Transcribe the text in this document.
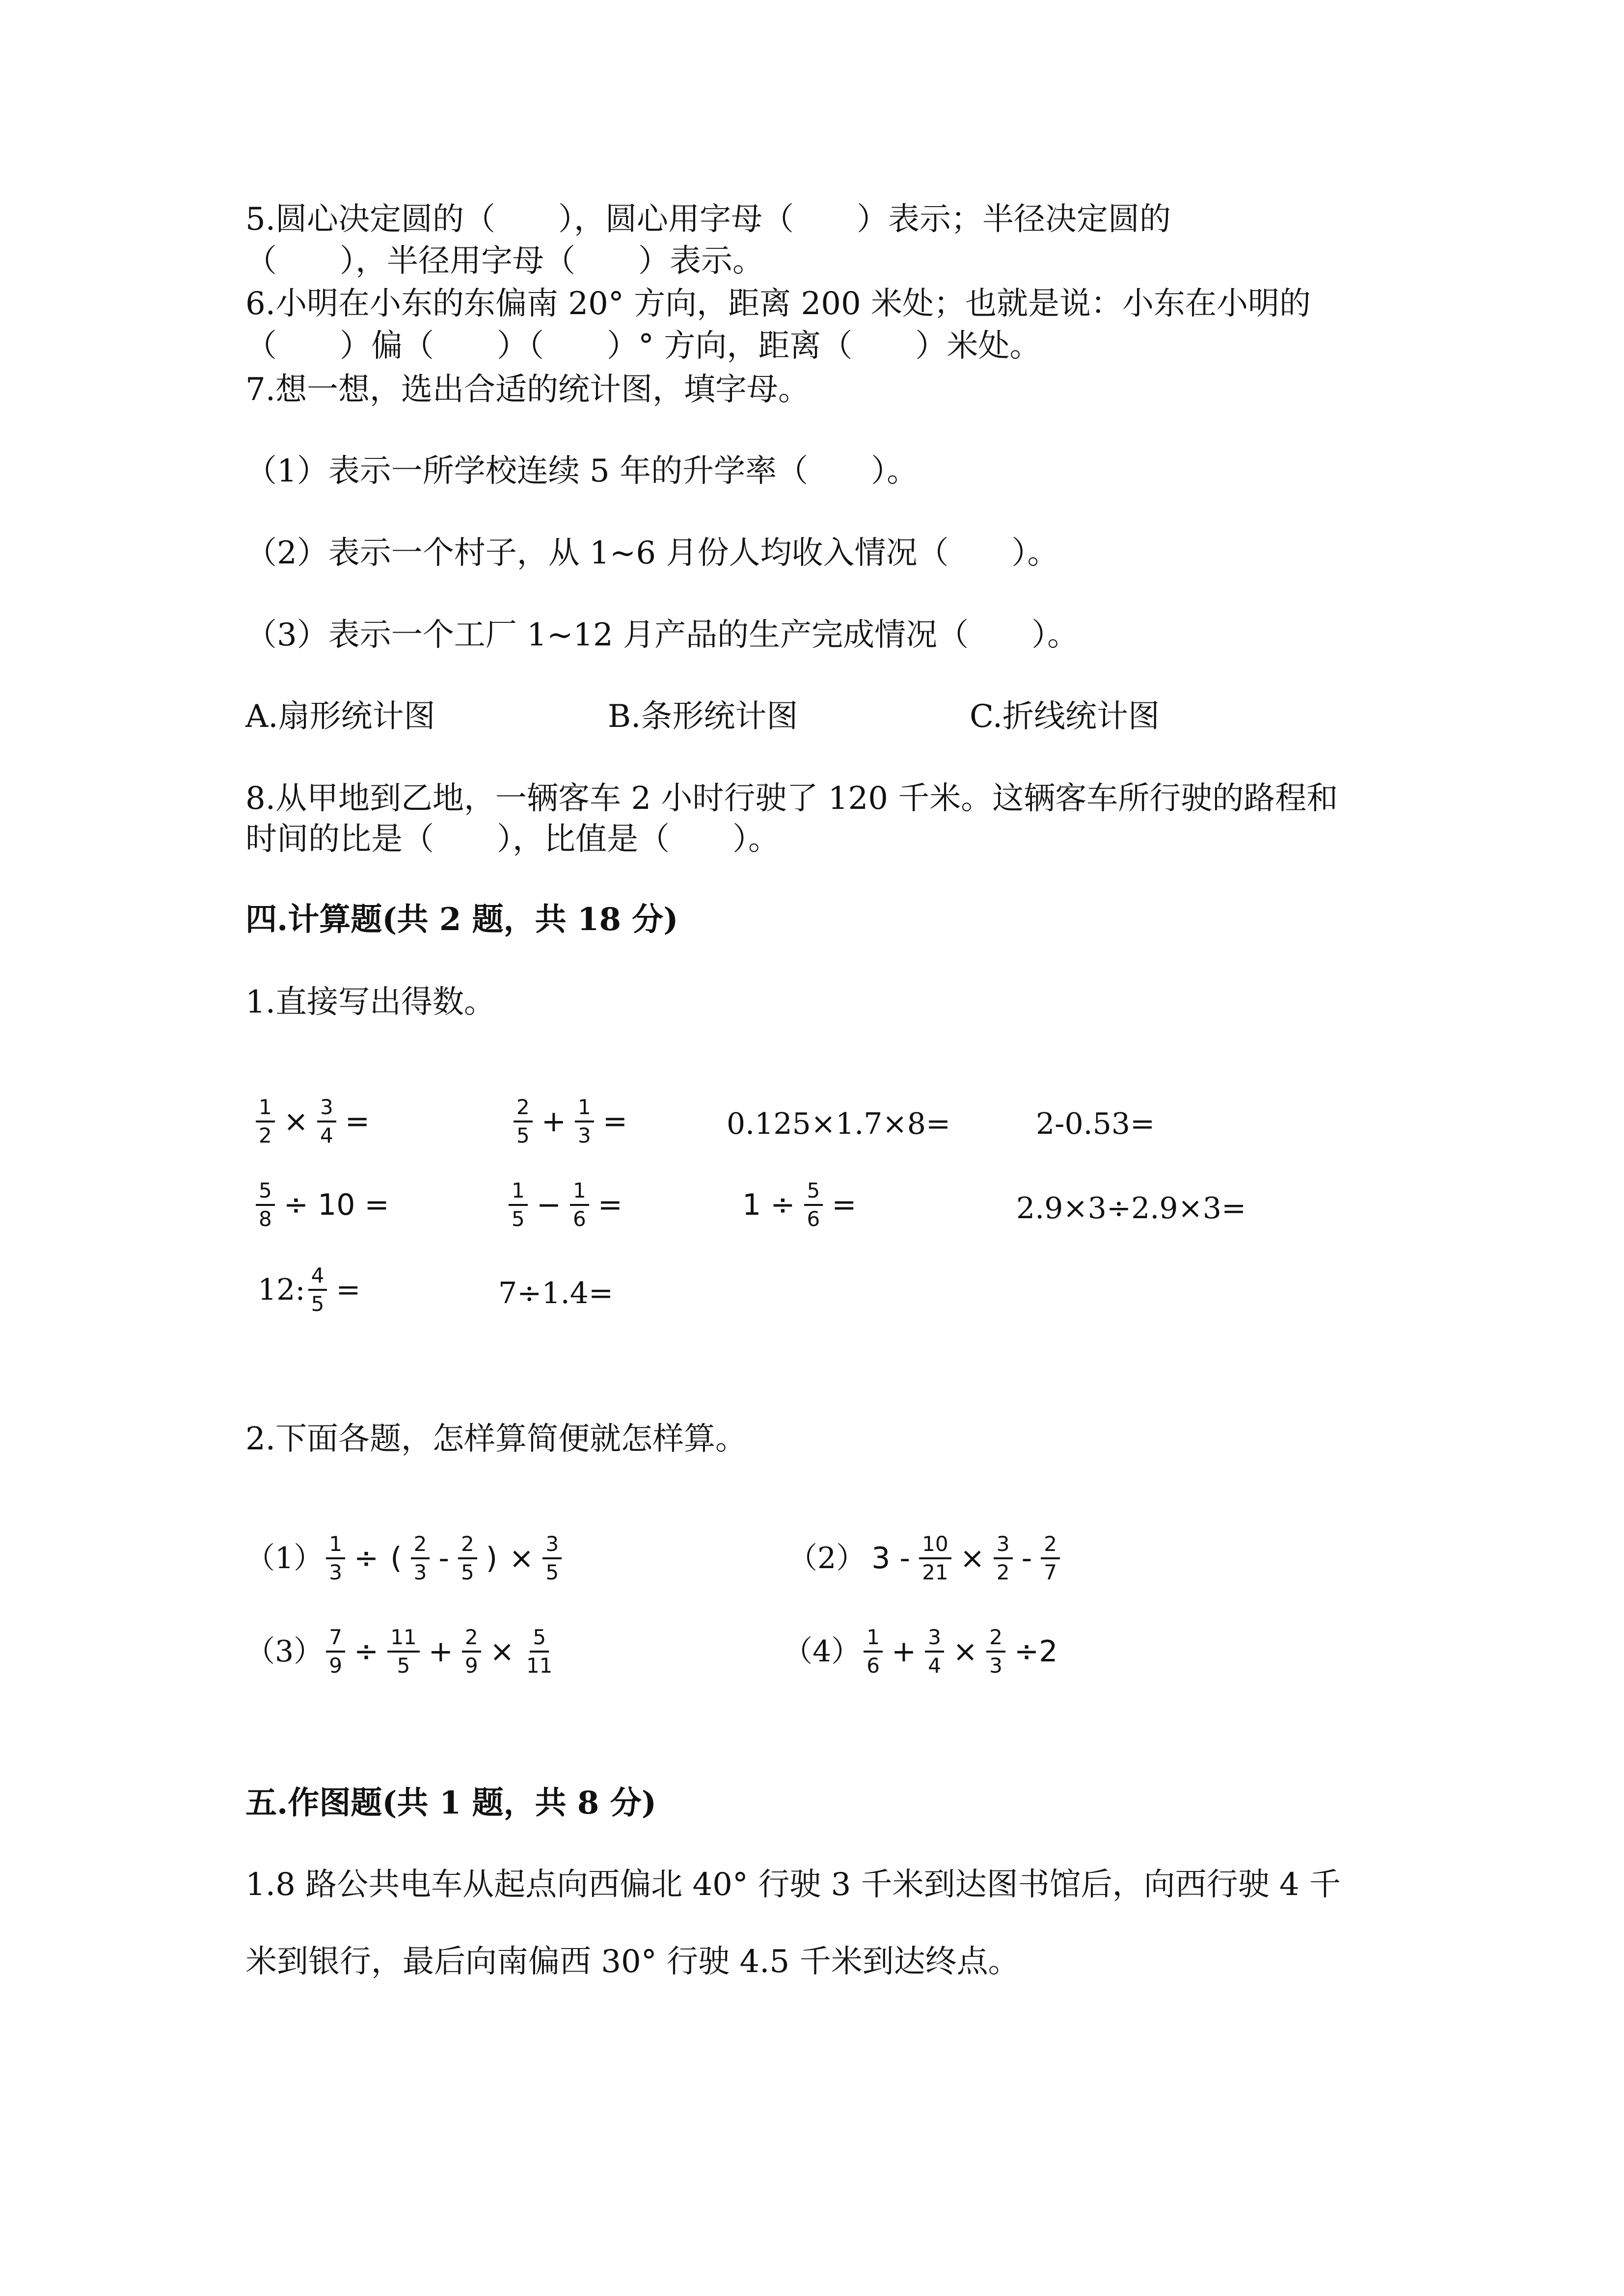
5.圆心决定圆的（　　），圆心用字母（　　）表示；半径决定圆的
（　　），半径用字母（　　）表示。
6.小明在小东的东偏南 20° 方向，距离 200 米处；也就是说：小东在小明的
（　　）偏（　　）（　　）° 方向，距离（　　）米处。
7.想一想，选出合适的统计图，填字母。
（1）表示一所学校连续 5 年的升学率（　　）。
（2）表示一个村子，从 1~6 月份人均收入情况（　　）。
（3）表示一个工厂 1~12 月产品的生产完成情况（　　）。
A.扇形统计图	B.条形统计图	C.折线统计图
8.从甲地到乙地，一辆客车 2 小时行驶了 120 千米。这辆客车所行驶的路程和
时间的比是（　　），比值是（　　）。
四.计算题(共 2 题，共 18 分)
1.直接写出得数。
$\frac{1}{2} \times \frac{3}{4}$ =	$\frac{2}{5} + \frac{1}{3}$ =	0.125×1.7×8=	2-0.53=
$\frac{5}{8} \div 10$ =	$\frac{1}{5} - \frac{1}{6}$ =	$1 \div \frac{5}{6}$ =	2.9×3÷2.9×3=
12: $\frac{4}{5}$ =	7÷1.4=
2.下面各题，怎样算简便就怎样算。
$(1) \frac{1}{3}$ ÷ ( $\frac{2}{3} - \frac{2}{5}$ ) × $\frac{3}{5}$	（2） $3 - \frac{10}{21} \times \frac{3}{2} - \frac{2}{7}$
$(3) \frac{7}{9} \div \frac{11}{5} + \frac{2}{9} \times \frac{5}{11}$	$(4) \frac{1}{6} + \frac{3}{4} \times \frac{2}{3} \div 2$
五.作图题(共 1 题，共 8 分)
1.8 路公共电车从起点向西偏北 40° 行驶 3 千米到达图书馆后，向西行驶 4 千
米到银行，最后向南偏西 30° 行驶 4.5 千米到达终点。
